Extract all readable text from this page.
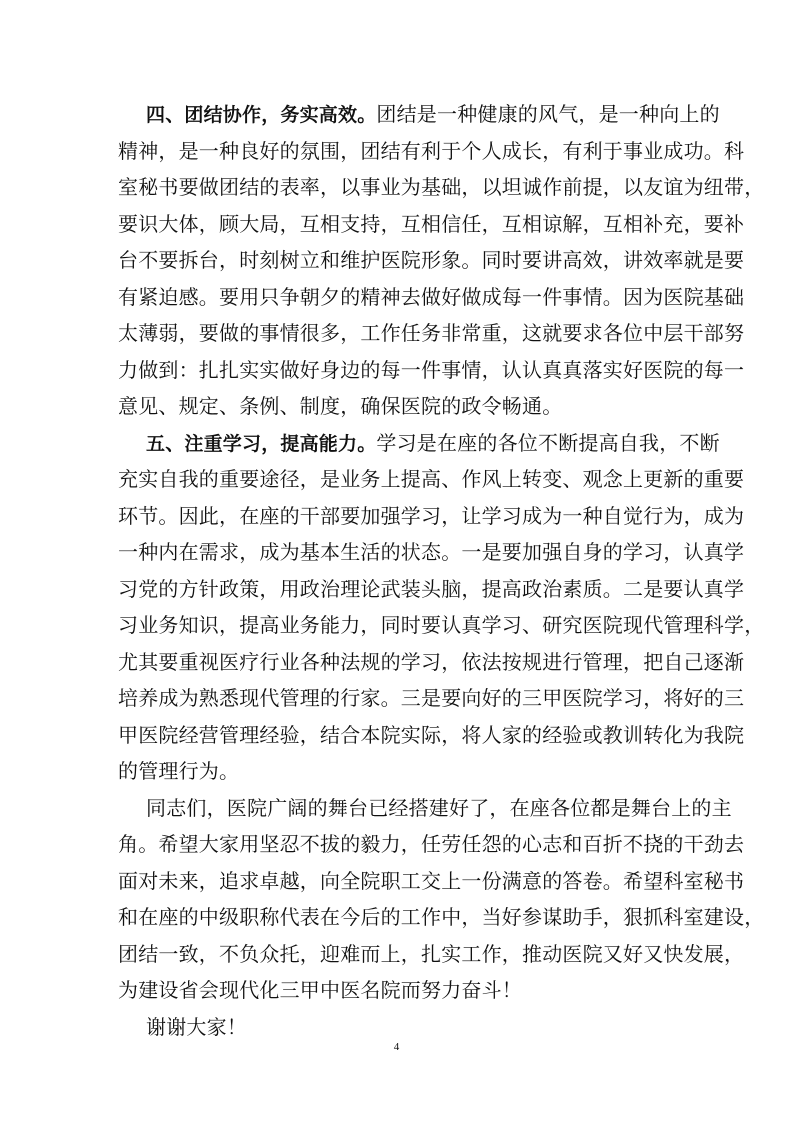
四、团结协作，务实高效。团结是一种健康的风气，是一种向上的
精神，是一种良好的氛围，团结有利于个人成长，有利于事业成功。科
室秘书要做团结的表率，以事业为基础，以坦诚作前提，以友谊为纽带，
要识大体，顾大局，互相支持，互相信任，互相谅解，互相补充，要补
台不要拆台，时刻树立和维护医院形象。同时要讲高效，讲效率就是要
有紧迫感。要用只争朝夕的精神去做好做成每一件事情。因为医院基础
太薄弱，要做的事情很多，工作任务非常重，这就要求各位中层干部努
力做到：扎扎实实做好身边的每一件事情，认认真真落实好医院的每一
意见、规定、条例、制度，确保医院的政令畅通。
五、注重学习，提高能力。学习是在座的各位不断提高自我，不断
充实自我的重要途径，是业务上提高、作风上转变、观念上更新的重要
环节。因此，在座的干部要加强学习，让学习成为一种自觉行为，成为
一种内在需求，成为基本生活的状态。一是要加强自身的学习，认真学
习党的方针政策，用政治理论武装头脑，提高政治素质。二是要认真学
习业务知识，提高业务能力，同时要认真学习、研究医院现代管理科学，
尤其要重视医疗行业各种法规的学习，依法按规进行管理，把自己逐渐
培养成为熟悉现代管理的行家。三是要向好的三甲医院学习，将好的三
甲医院经营管理经验，结合本院实际，将人家的经验或教训转化为我院
的管理行为。
同志们，医院广阔的舞台已经搭建好了，在座各位都是舞台上的主
角。希望大家用坚忍不拔的毅力，任劳任怨的心志和百折不挠的干劲去
面对未来，追求卓越，向全院职工交上一份满意的答卷。希望科室秘书
和在座的中级职称代表在今后的工作中，当好参谋助手，狠抓科室建设，
团结一致，不负众托，迎难而上，扎实工作，推动医院又好又快发展，
为建设省会现代化三甲中医名院而努力奋斗！
谢谢大家！
4
